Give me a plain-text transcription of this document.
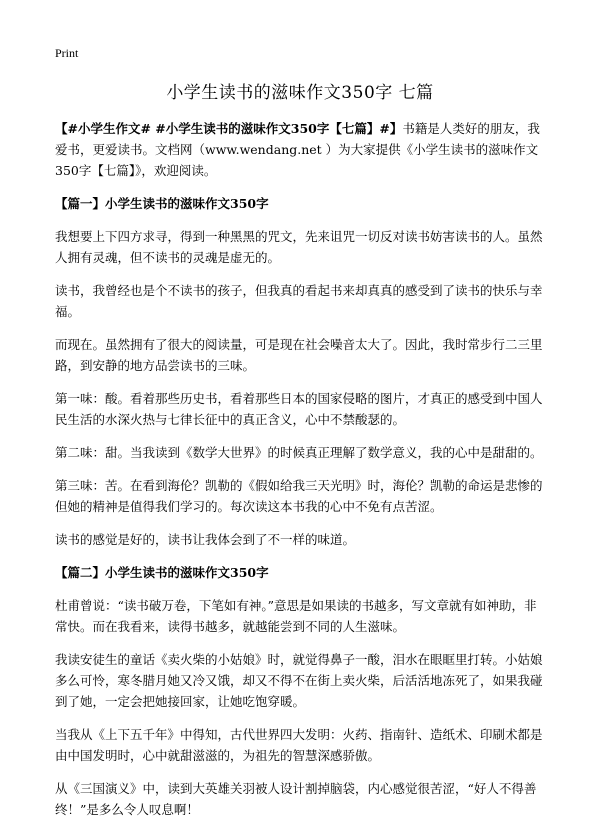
Print
小学生读书的滋味作文350字 七篇

【#小学生作文# #小学生读书的滋味作文350字【七篇】#】书籍是人类好的朋友，我爱书，更爱读书。文档网（www.wendang.net ）为大家提供《小学生读书的滋味作文350字【七篇】》，欢迎阅读。

【篇一】小学生读书的滋味作文350字

我想要上下四方求寻，得到一种黑黑的咒文，先来诅咒一切反对读书妨害读书的人。虽然人拥有灵魂，但不读书的灵魂是虚无的。

读书，我曾经也是个不读书的孩子，但我真的看起书来却真真的感受到了读书的快乐与幸福。

而现在。虽然拥有了很大的阅读量，可是现在社会噪音太大了。因此，我时常步行二三里路，到安静的地方品尝读书的三味。

第一味：酸。看着那些历史书，看着那些日本的国家侵略的图片，才真正的感受到中国人民生活的水深火热与七律长征中的真正含义，心中不禁酸瑟的。

第二味：甜。当我读到《数学大世界》的时候真正理解了数学意义，我的心中是甜甜的。

第三味：苦。在看到海伦？凯勒的《假如给我三天光明》时，海伦？凯勒的命运是悲惨的但她的精神是值得我们学习的。每次读这本书我的心中不免有点苦涩。

读书的感觉是好的，读书让我体会到了不一样的味道。

【篇二】小学生读书的滋味作文350字

杜甫曾说：“读书破万卷，下笔如有神。”意思是如果读的书越多，写文章就有如神助，非常快。而在我看来，读得书越多，就越能尝到不同的人生滋味。

我读安徒生的童话《卖火柴的小姑娘》时，就觉得鼻子一酸，泪水在眼眶里打转。小姑娘多么可怜，寒冬腊月她又冷又饿，却又不得不在街上卖火柴，后活活地冻死了，如果我碰到了她，一定会把她接回家，让她吃饱穿暖。

当我从《上下五千年》中得知，古代世界四大发明：火药、指南针、造纸术、印刷术都是由中国发明时，心中就甜滋滋的，为祖先的智慧深感骄傲。

从《三国演义》中，读到大英雄关羽被人设计割掉脑袋，内心感觉很苦涩，“好人不得善终！”是多么令人叹息啊！
